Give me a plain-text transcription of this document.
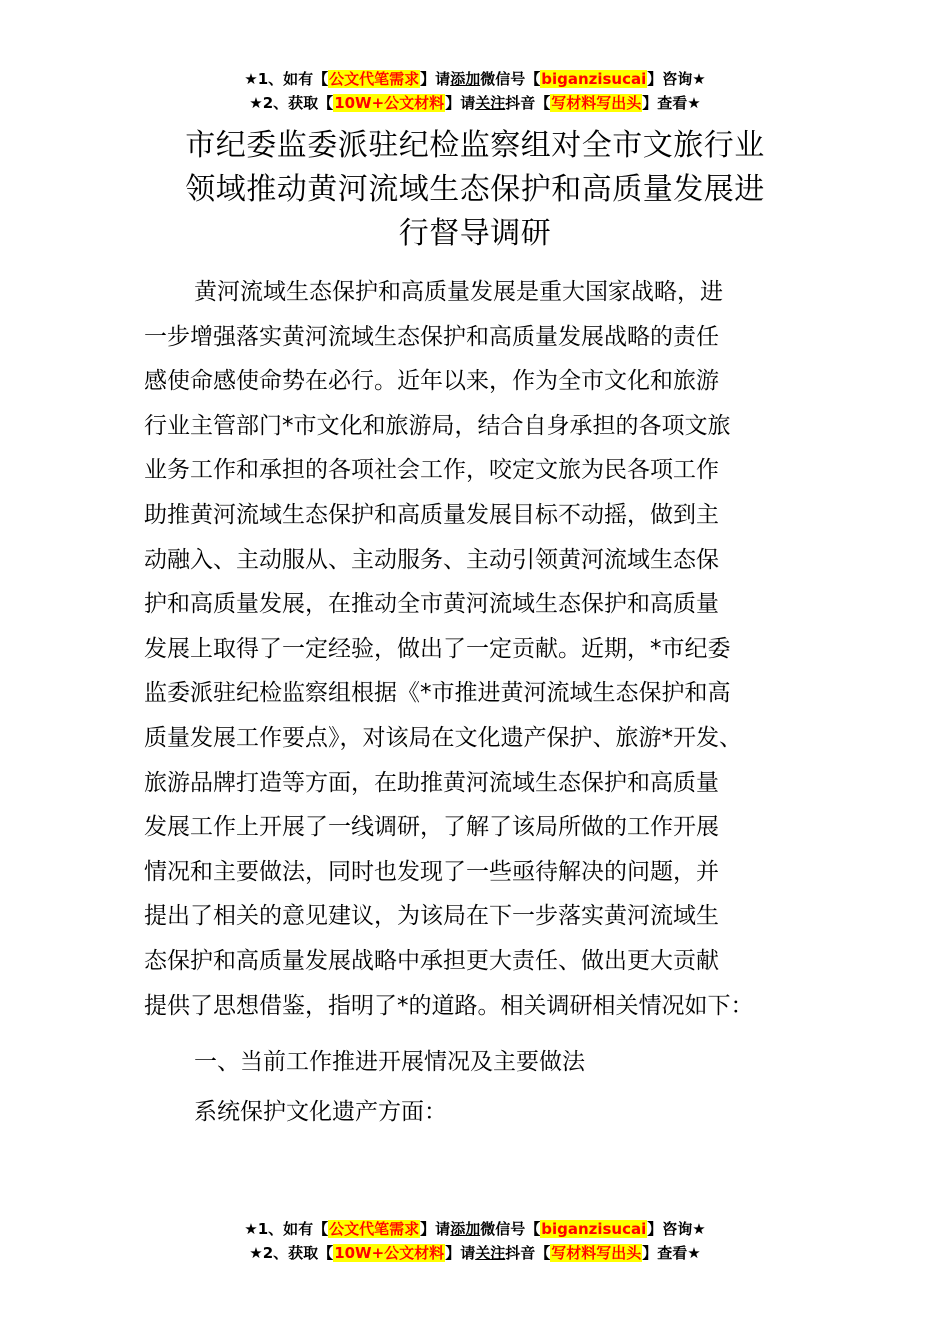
★1、如有【公文代笔需求】请添加微信号【biganzisucai】咨询★
★2、获取【10W+公文材料】请关注抖音【写材料写出头】查看★
市纪委监委派驻纪检监察组对全市文旅行业
领域推动黄河流域生态保护和高质量发展进
行督导调研
黄河流域生态保护和高质量发展是重大国家战略，进
一步增强落实黄河流域生态保护和高质量发展战略的责任
感使命感使命势在必行。近年以来，作为全市文化和旅游
行业主管部门*市文化和旅游局，结合自身承担的各项文旅
业务工作和承担的各项社会工作，咬定文旅为民各项工作
助推黄河流域生态保护和高质量发展目标不动摇，做到主
动融入、主动服从、主动服务、主动引领黄河流域生态保
护和高质量发展，在推动全市黄河流域生态保护和高质量
发展上取得了一定经验，做出了一定贡献。近期，*市纪委
监委派驻纪检监察组根据《*市推进黄河流域生态保护和高
质量发展工作要点》，对该局在文化遗产保护、旅游*开发、
旅游品牌打造等方面，在助推黄河流域生态保护和高质量
发展工作上开展了一线调研，了解了该局所做的工作开展
情况和主要做法，同时也发现了一些亟待解决的问题，并
提出了相关的意见建议，为该局在下一步落实黄河流域生
态保护和高质量发展战略中承担更大责任、做出更大贡献
提供了思想借鉴，指明了*的道路。相关调研相关情况如下：
一、当前工作推进开展情况及主要做法
系统保护文化遗产方面：
★1、如有【公文代笔需求】请添加微信号【biganzisucai】咨询★
★2、获取【10W+公文材料】请关注抖音【写材料写出头】查看★
